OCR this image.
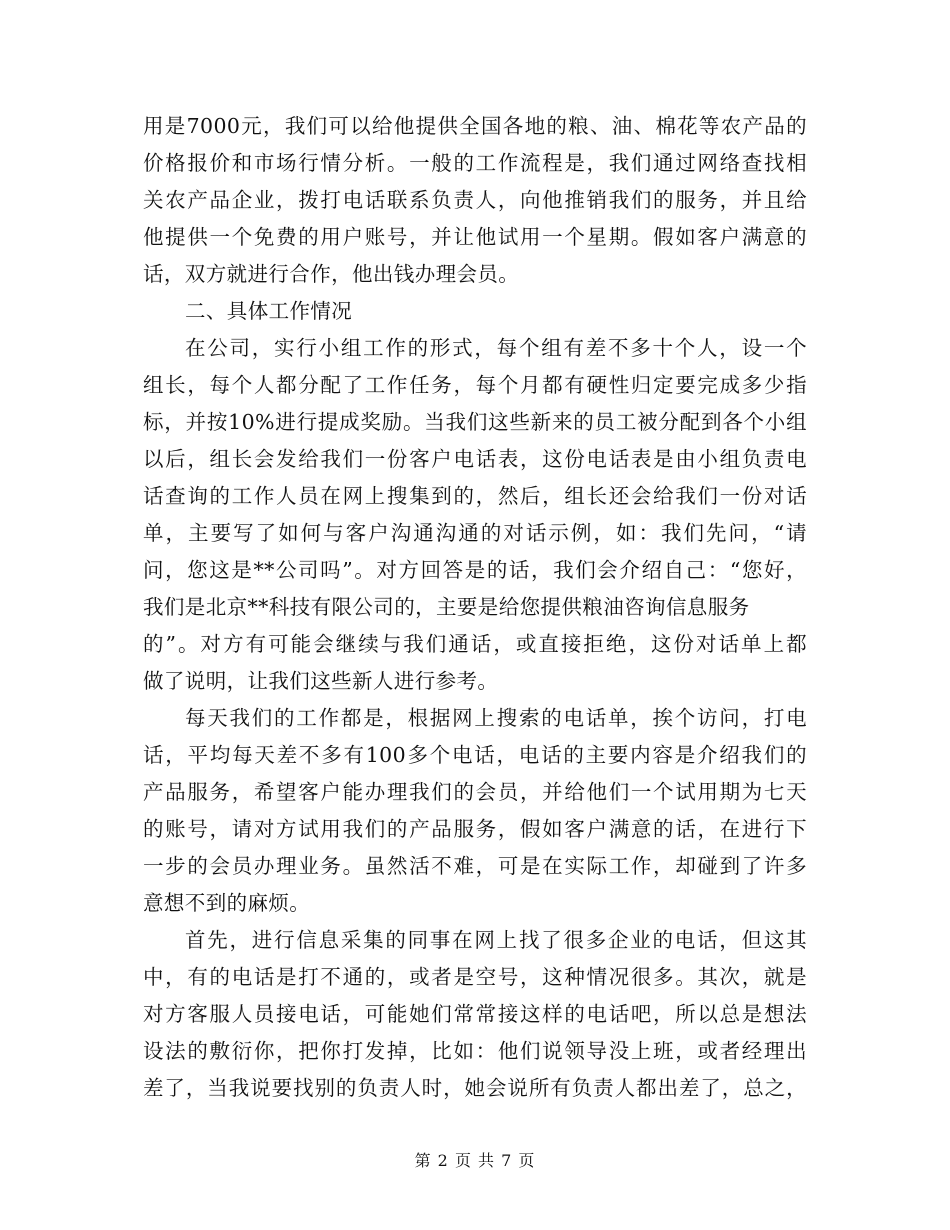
用是7000元，我们可以给他提供全国各地的粮、油、棉花等农产品的
价格报价和市场行情分析。一般的工作流程是，我们通过网络查找相
关农产品企业，拨打电话联系负责人，向他推销我们的服务，并且给
他提供一个免费的用户账号，并让他试用一个星期。假如客户满意的
话，双方就进行合作，他出钱办理会员。
二、具体工作情况
在公司，实行小组工作的形式，每个组有差不多十个人，设一个
组长，每个人都分配了工作任务，每个月都有硬性归定要完成多少指
标，并按10%进行提成奖励。当我们这些新来的员工被分配到各个小组
以后，组长会发给我们一份客户电话表，这份电话表是由小组负责电
话查询的工作人员在网上搜集到的，然后，组长还会给我们一份对话
单，主要写了如何与客户沟通沟通的对话示例，如：我们先问，“请
问，您这是**公司吗”。对方回答是的话，我们会介绍自己：“您好，
我们是北京**科技有限公司的，主要是给您提供粮油咨询信息服务
的”。对方有可能会继续与我们通话，或直接拒绝，这份对话单上都
做了说明，让我们这些新人进行参考。
每天我们的工作都是，根据网上搜索的电话单，挨个访问，打电
话，平均每天差不多有100多个电话，电话的主要内容是介绍我们的
产品服务，希望客户能办理我们的会员，并给他们一个试用期为七天
的账号，请对方试用我们的产品服务，假如客户满意的话，在进行下
一步的会员办理业务。虽然活不难，可是在实际工作，却碰到了许多
意想不到的麻烦。
首先，进行信息采集的同事在网上找了很多企业的电话，但这其
中，有的电话是打不通的，或者是空号，这种情况很多。其次，就是
对方客服人员接电话，可能她们常常接这样的电话吧，所以总是想法
设法的敷衍你，把你打发掉，比如：他们说领导没上班，或者经理出
差了，当我说要找别的负责人时，她会说所有负责人都出差了，总之，
第 2 页 共 7 页
